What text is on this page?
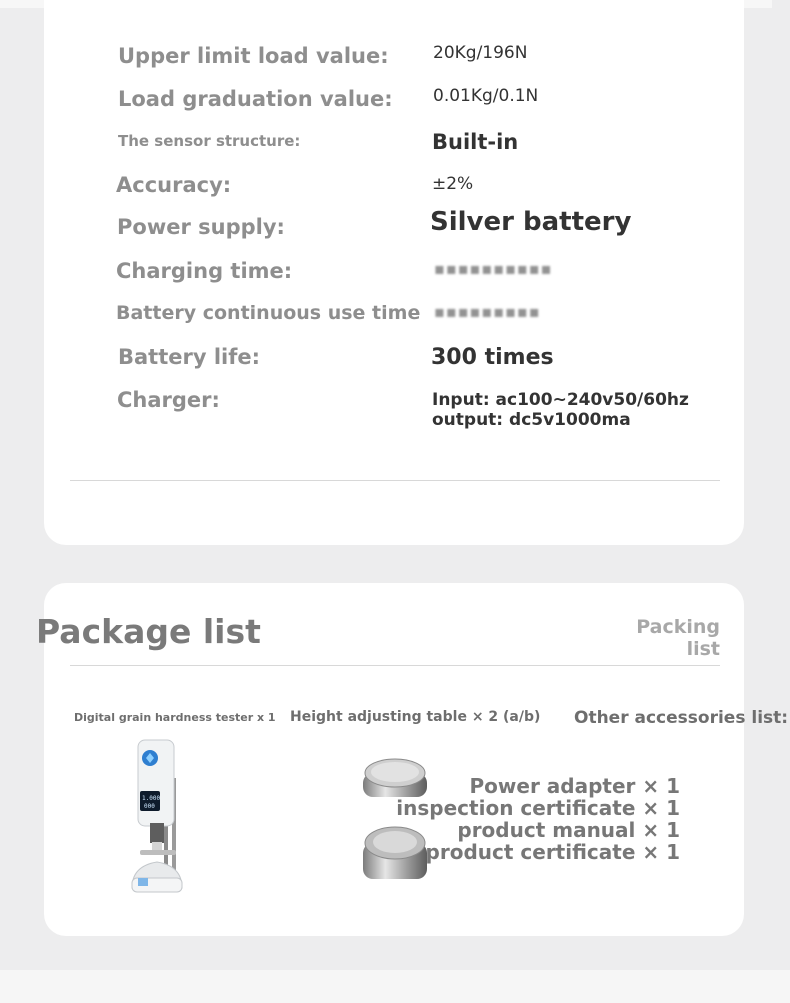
Upper limit load value:	20Kg/196N
Load graduation value: 0.01Kg/0.1N
The sensor structure:	Built-in
Accuracy:	±2%
Power supply:	Silver battery
Charging time:	▪▪▪▪▪▪▪▪▪▪
Battery continuous use time ▪▪▪▪▪▪▪▪▪
Battery life:	300 times
Charger:	Input: ac100~240v50/60hz output: dc5v1000ma
Package list	Packing
list
Digital grain hardness tester x 1 Height adjusting table × 2 (a/b) Other accessories list:
1.000
000
Power adapter × 1
inspection certificate × 1
product manual × 1
product certificate × 1
